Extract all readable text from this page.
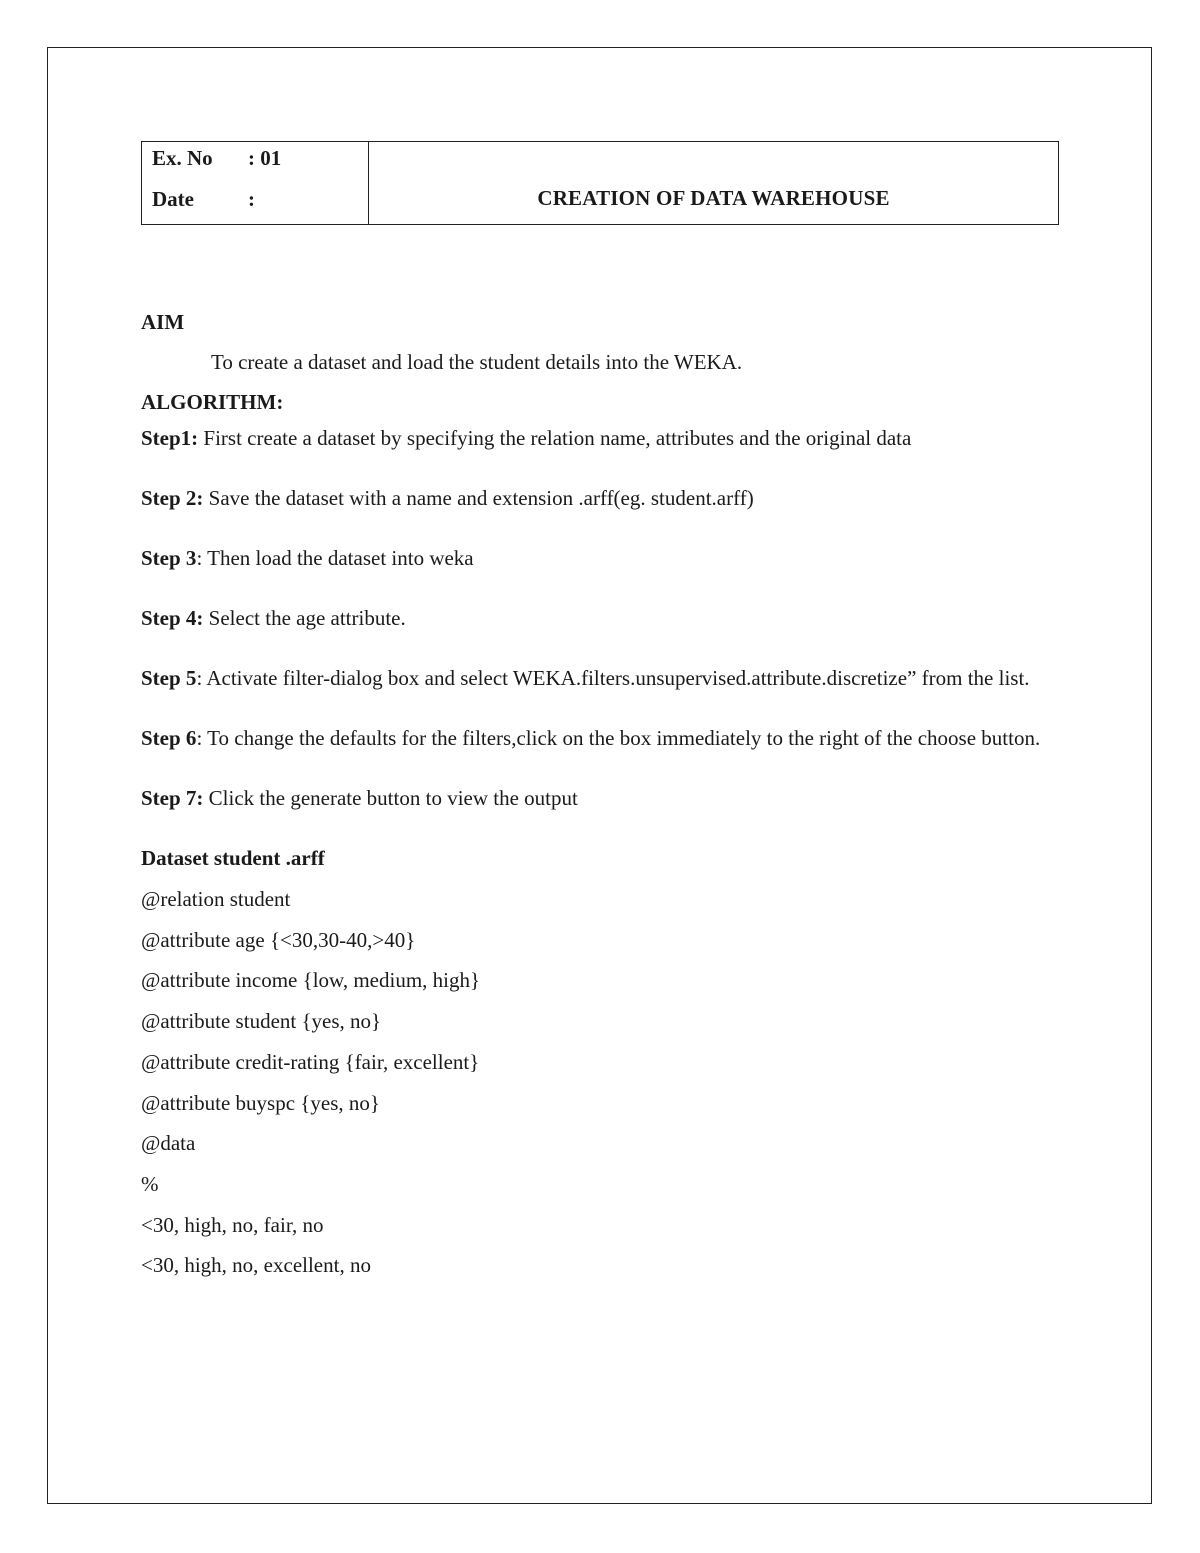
Ex. No	: 01
Date	:	CREATION OF DATA WAREHOUSE
AIM
To create a dataset and load the student details into the WEKA.
ALGORITHM:
Step1: First create a dataset by specifying the relation name, attributes and the original data
Step 2: Save the dataset with a name and extension .arff(eg. student.arff)
Step 3: Then load the dataset into weka
Step 4: Select the age attribute.
Step 5: Activate filter-dialog box and select WEKA.filters.unsupervised.attribute.discretize” from the list.
Step 6: To change the defaults for the filters,click on the box immediately to the right of the choose button.
Step 7: Click the generate button to view the output
Dataset student .arff
@relation student
@attribute age {<30,30-40,>40}
@attribute income {low, medium, high}
@attribute student {yes, no}
@attribute credit-rating {fair, excellent}
@attribute buyspc {yes, no}
@data
%
<30, high, no, fair, no
<30, high, no, excellent, no
